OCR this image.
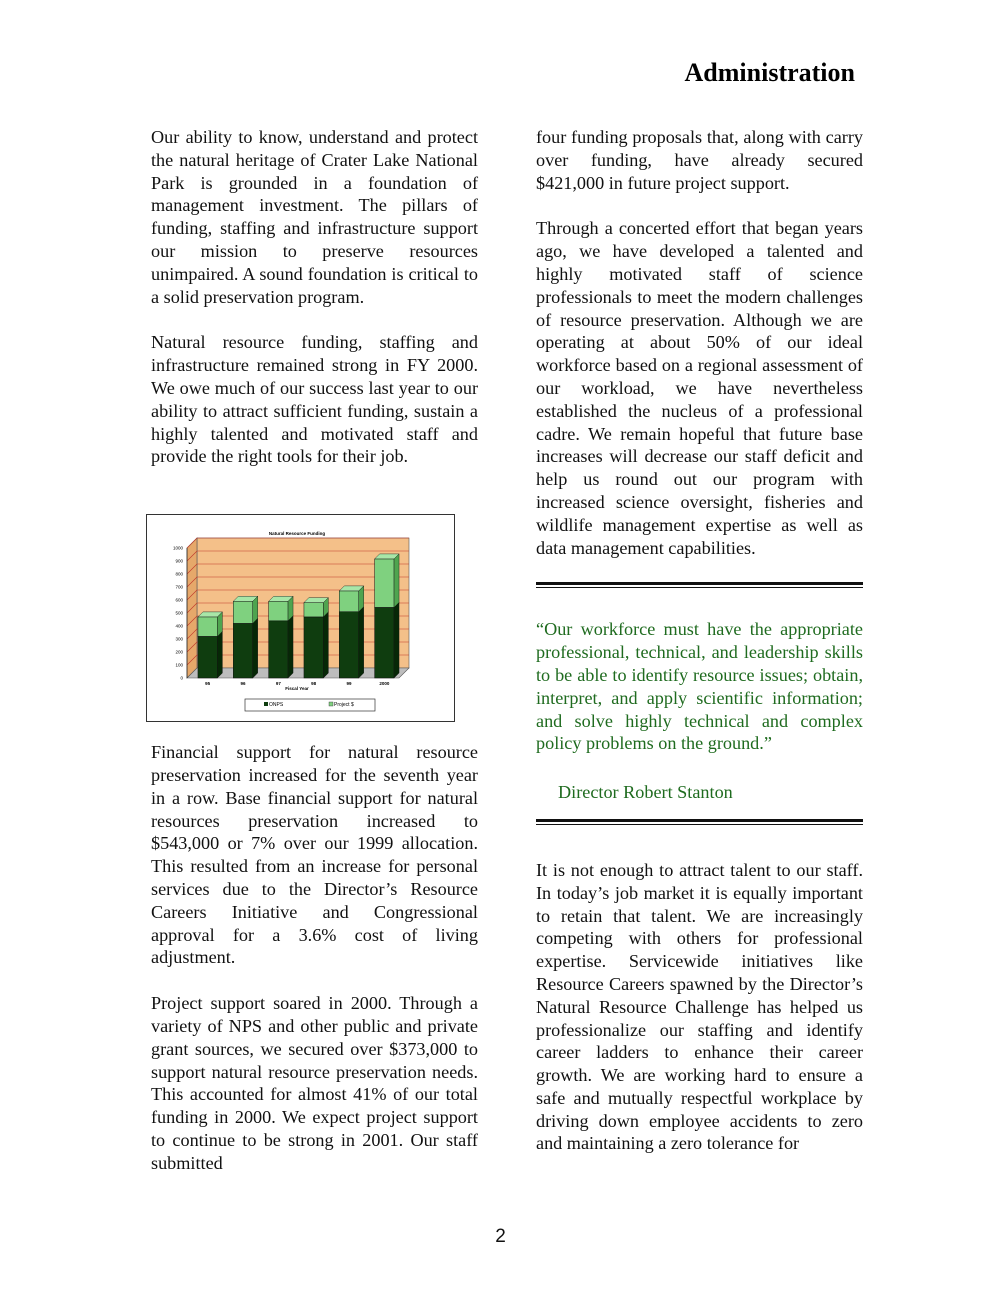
Administration

Our ability to know, understand and protect the natural heritage of Crater Lake National Park is grounded in a foundation of management investment. The pillars of funding, staffing and infrastructure support our mission to preserve resources unimpaired. A sound foundation is critical to a solid preservation program.

Natural resource funding, staffing and infrastructure remained strong in FY 2000. We owe much of our success last year to our ability to attract sufficient funding, sustain a highly talented and motivated staff and provide the right tools for their job.

Financial support for natural resource preservation increased for the seventh year in a row. Base financial support for natural resources preservation increased to $543,000 or 7% over our 1999 allocation. This resulted from an increase for personal services due to the Director’s Resource Careers Initiative and Congressional approval for a 3.6% cost of living adjustment.

Project support soared in 2000. Through a variety of NPS and other public and private grant sources, we secured over $373,000 to support natural resource preservation needs. This accounted for almost 41% of our total funding in 2000. We expect project support to continue to be strong in 2001. Our staff submitted

Natural Resource Funding
Fiscal Year
0
100
200
300
400
500
600
700
800
900
1000
95	96	97	98	99	2000
ONPS	Project $

four funding proposals that, along with carry over funding, have already secured $421,000 in future project support.

Through a concerted effort that began years ago, we have developed a talented and highly motivated staff of science professionals to meet the modern challenges of resource preservation. Although we are operating at about 50% of our ideal workforce based on a regional assessment of our workload, we have nevertheless established the nucleus of a professional cadre. We remain hopeful that future base increases will decrease our staff deficit and help us round out our program with increased science oversight, fisheries and wildlife management expertise as well as data management capabilities.

“Our workforce must have the appropriate professional, technical, and leadership skills to be able to identify resource issues; obtain, interpret, and apply scientific information; and solve highly technical and complex policy problems on the ground.”

Director Robert Stanton

It is not enough to attract talent to our staff. In today’s job market it is equally important to retain that talent. We are increasingly competing with others for professional expertise. Servicewide initiatives like Resource Careers spawned by the Director’s Natural Resource Challenge has helped us professionalize our staffing and identify career ladders to enhance their career growth. We are working hard to ensure a safe and mutually respectful workplace by driving down employee accidents to zero and maintaining a zero tolerance for

2
